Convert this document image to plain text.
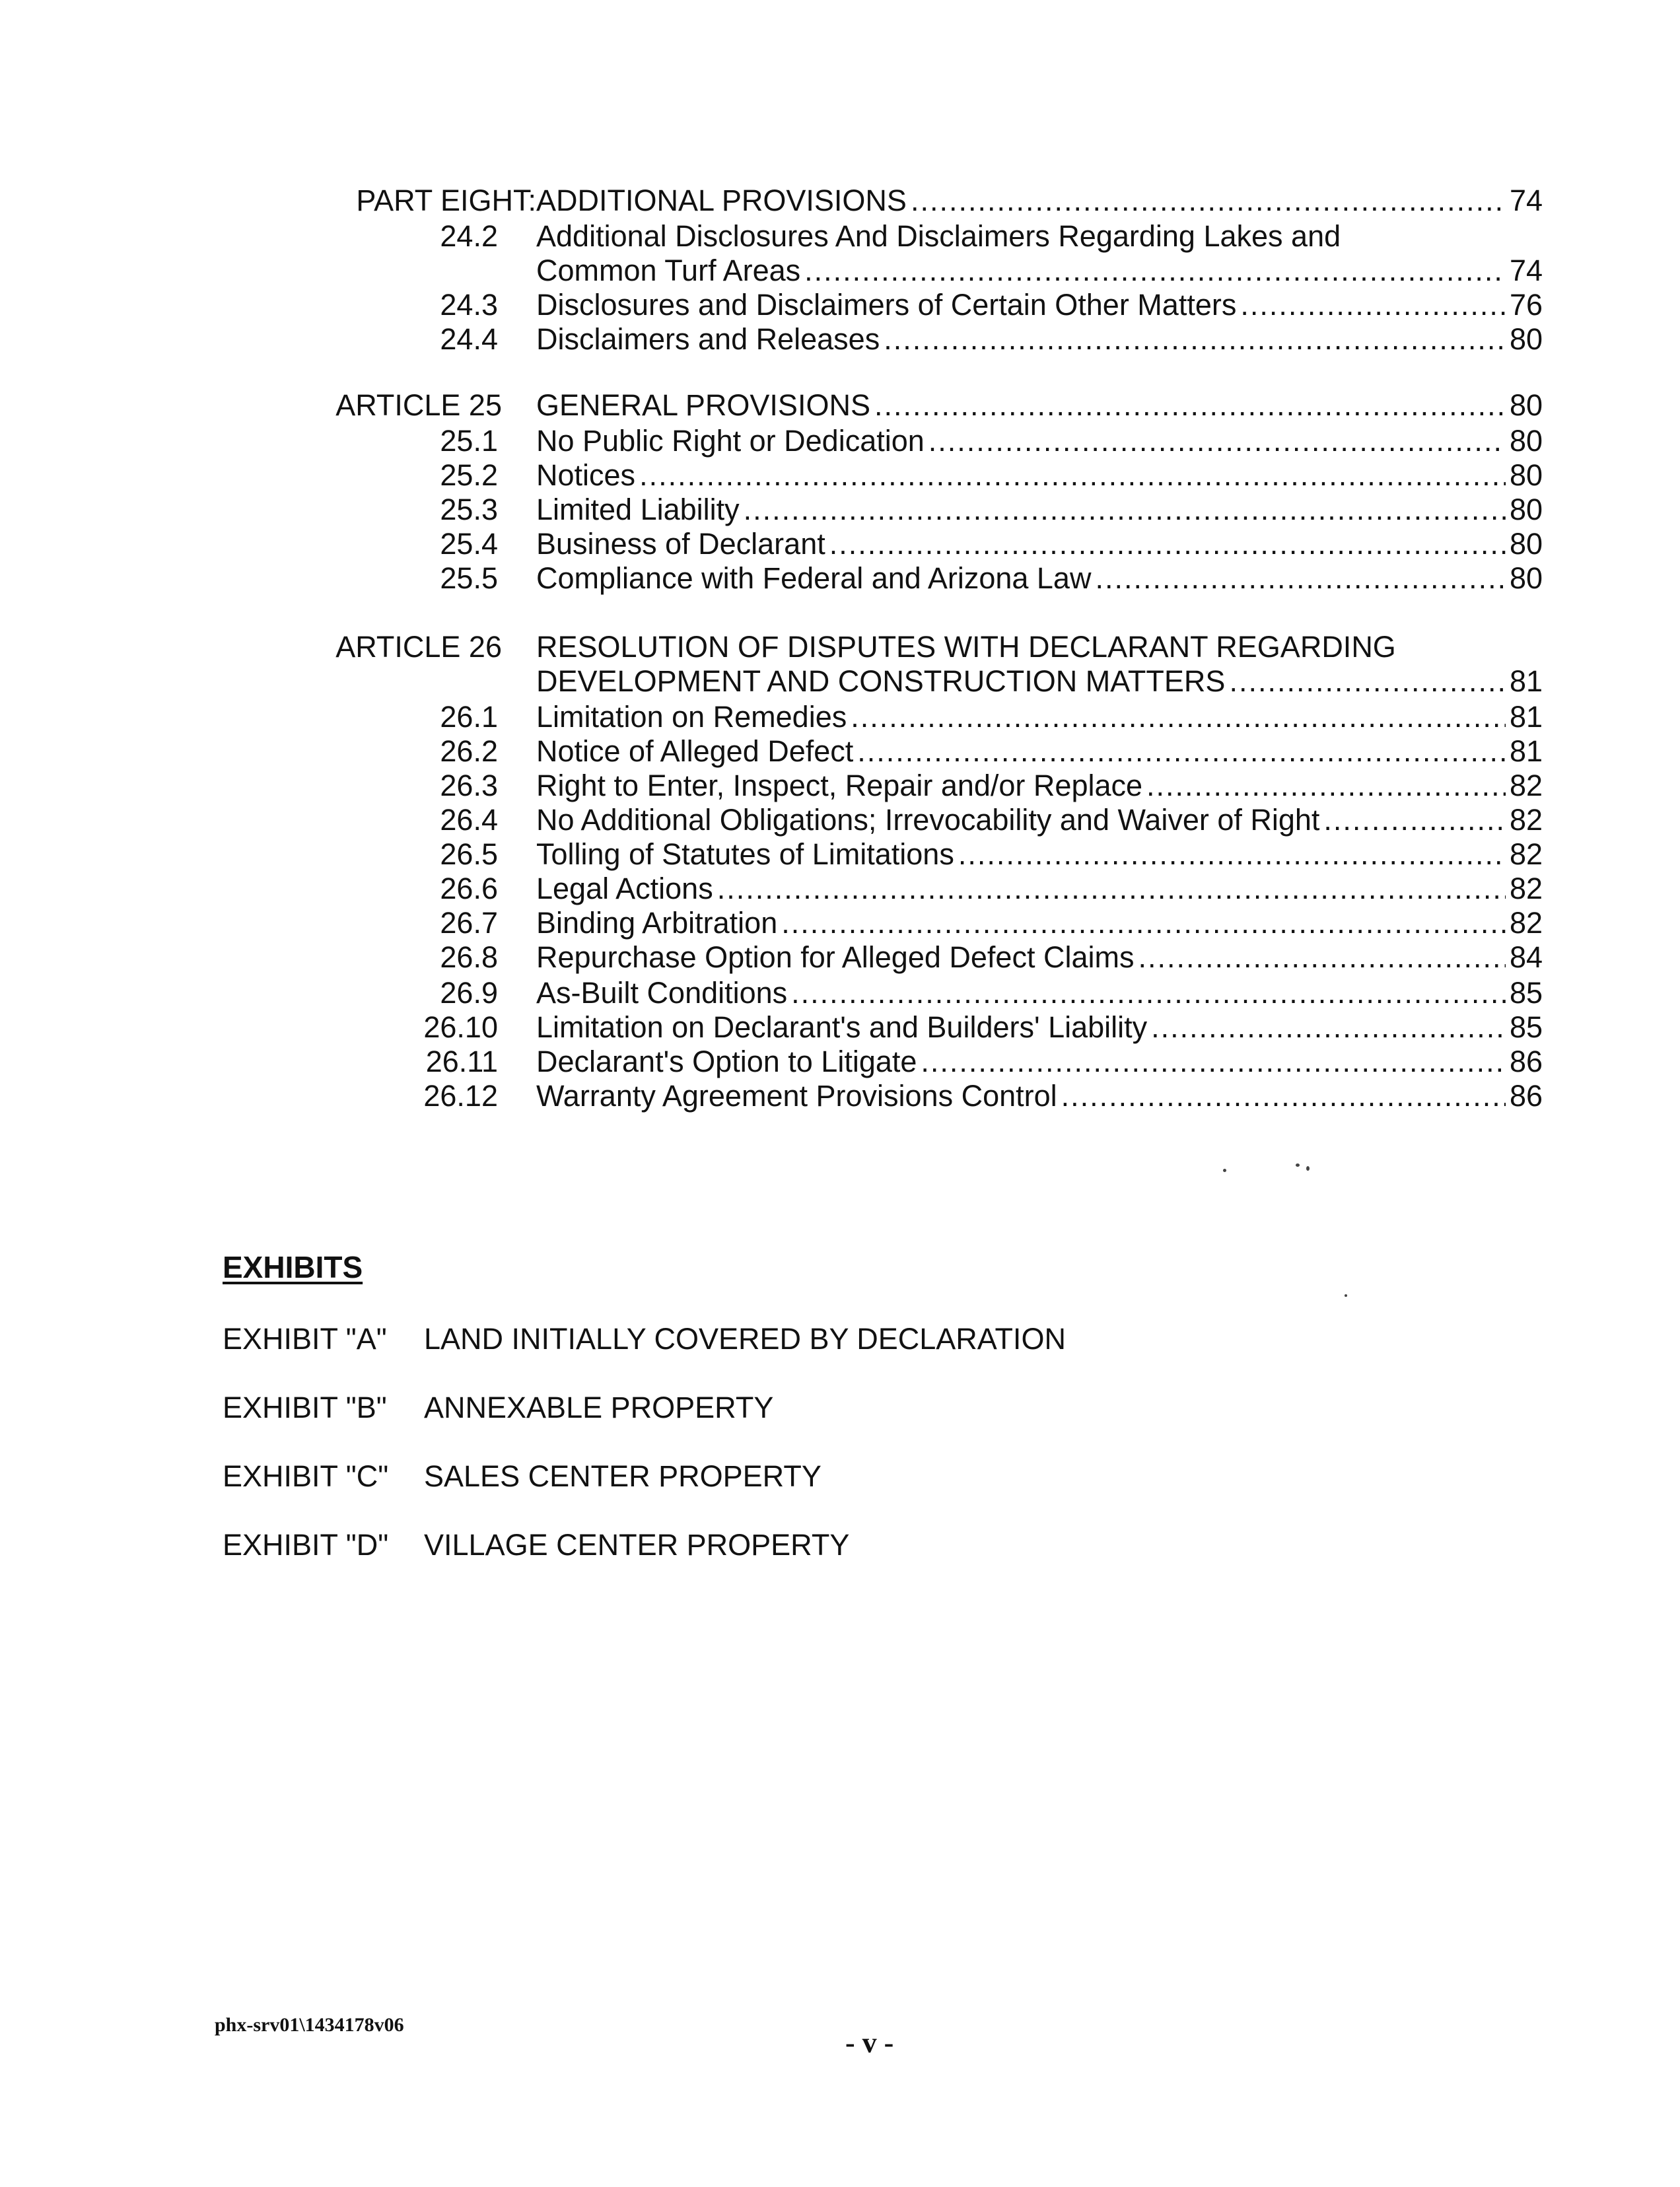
PART EIGHT: ADDITIONAL PROVISIONS .....	74
24.2 Additional Disclosures And Disclaimers Regarding Lakes and
Common Turf Areas .....	74
24.3 Disclosures and Disclaimers of Certain Other Matters .....	76
24.4 Disclaimers and Releases .....	80
ARTICLE 25 GENERAL PROVISIONS .....	80
25.1 No Public Right or Dedication .....	80
25.2 Notices .....	80
25.3 Limited Liability .....	80
25.4 Business of Declarant .....	80
25.5 Compliance with Federal and Arizona Law .....	80
ARTICLE 26 RESOLUTION OF DISPUTES WITH DECLARANT REGARDING
DEVELOPMENT AND CONSTRUCTION MATTERS .....	81
26.1 Limitation on Remedies .....	81
26.2 Notice of Alleged Defect .....	81
26.3 Right to Enter, Inspect, Repair and/or Replace .....	82
26.4 No Additional Obligations; Irrevocability and Waiver of Right .....	82
26.5 Tolling of Statutes of Limitations .....	82
26.6 Legal Actions .....	82
26.7 Binding Arbitration .....	82
26.8 Repurchase Option for Alleged Defect Claims .....	84
26.9 As-Built Conditions .....	85
26.10 Limitation on Declarant's and Builders' Liability .....	85
26.11 Declarant's Option to Litigate .....	86
26.12 Warranty Agreement Provisions Control .....	86
EXHIBITS
EXHIBIT "A" LAND INITIALLY COVERED BY DECLARATION
EXHIBIT "B" ANNEXABLE PROPERTY
EXHIBIT "C" SALES CENTER PROPERTY
EXHIBIT "D" VILLAGE CENTER PROPERTY
phx-srv01\1434178v06
- v -
